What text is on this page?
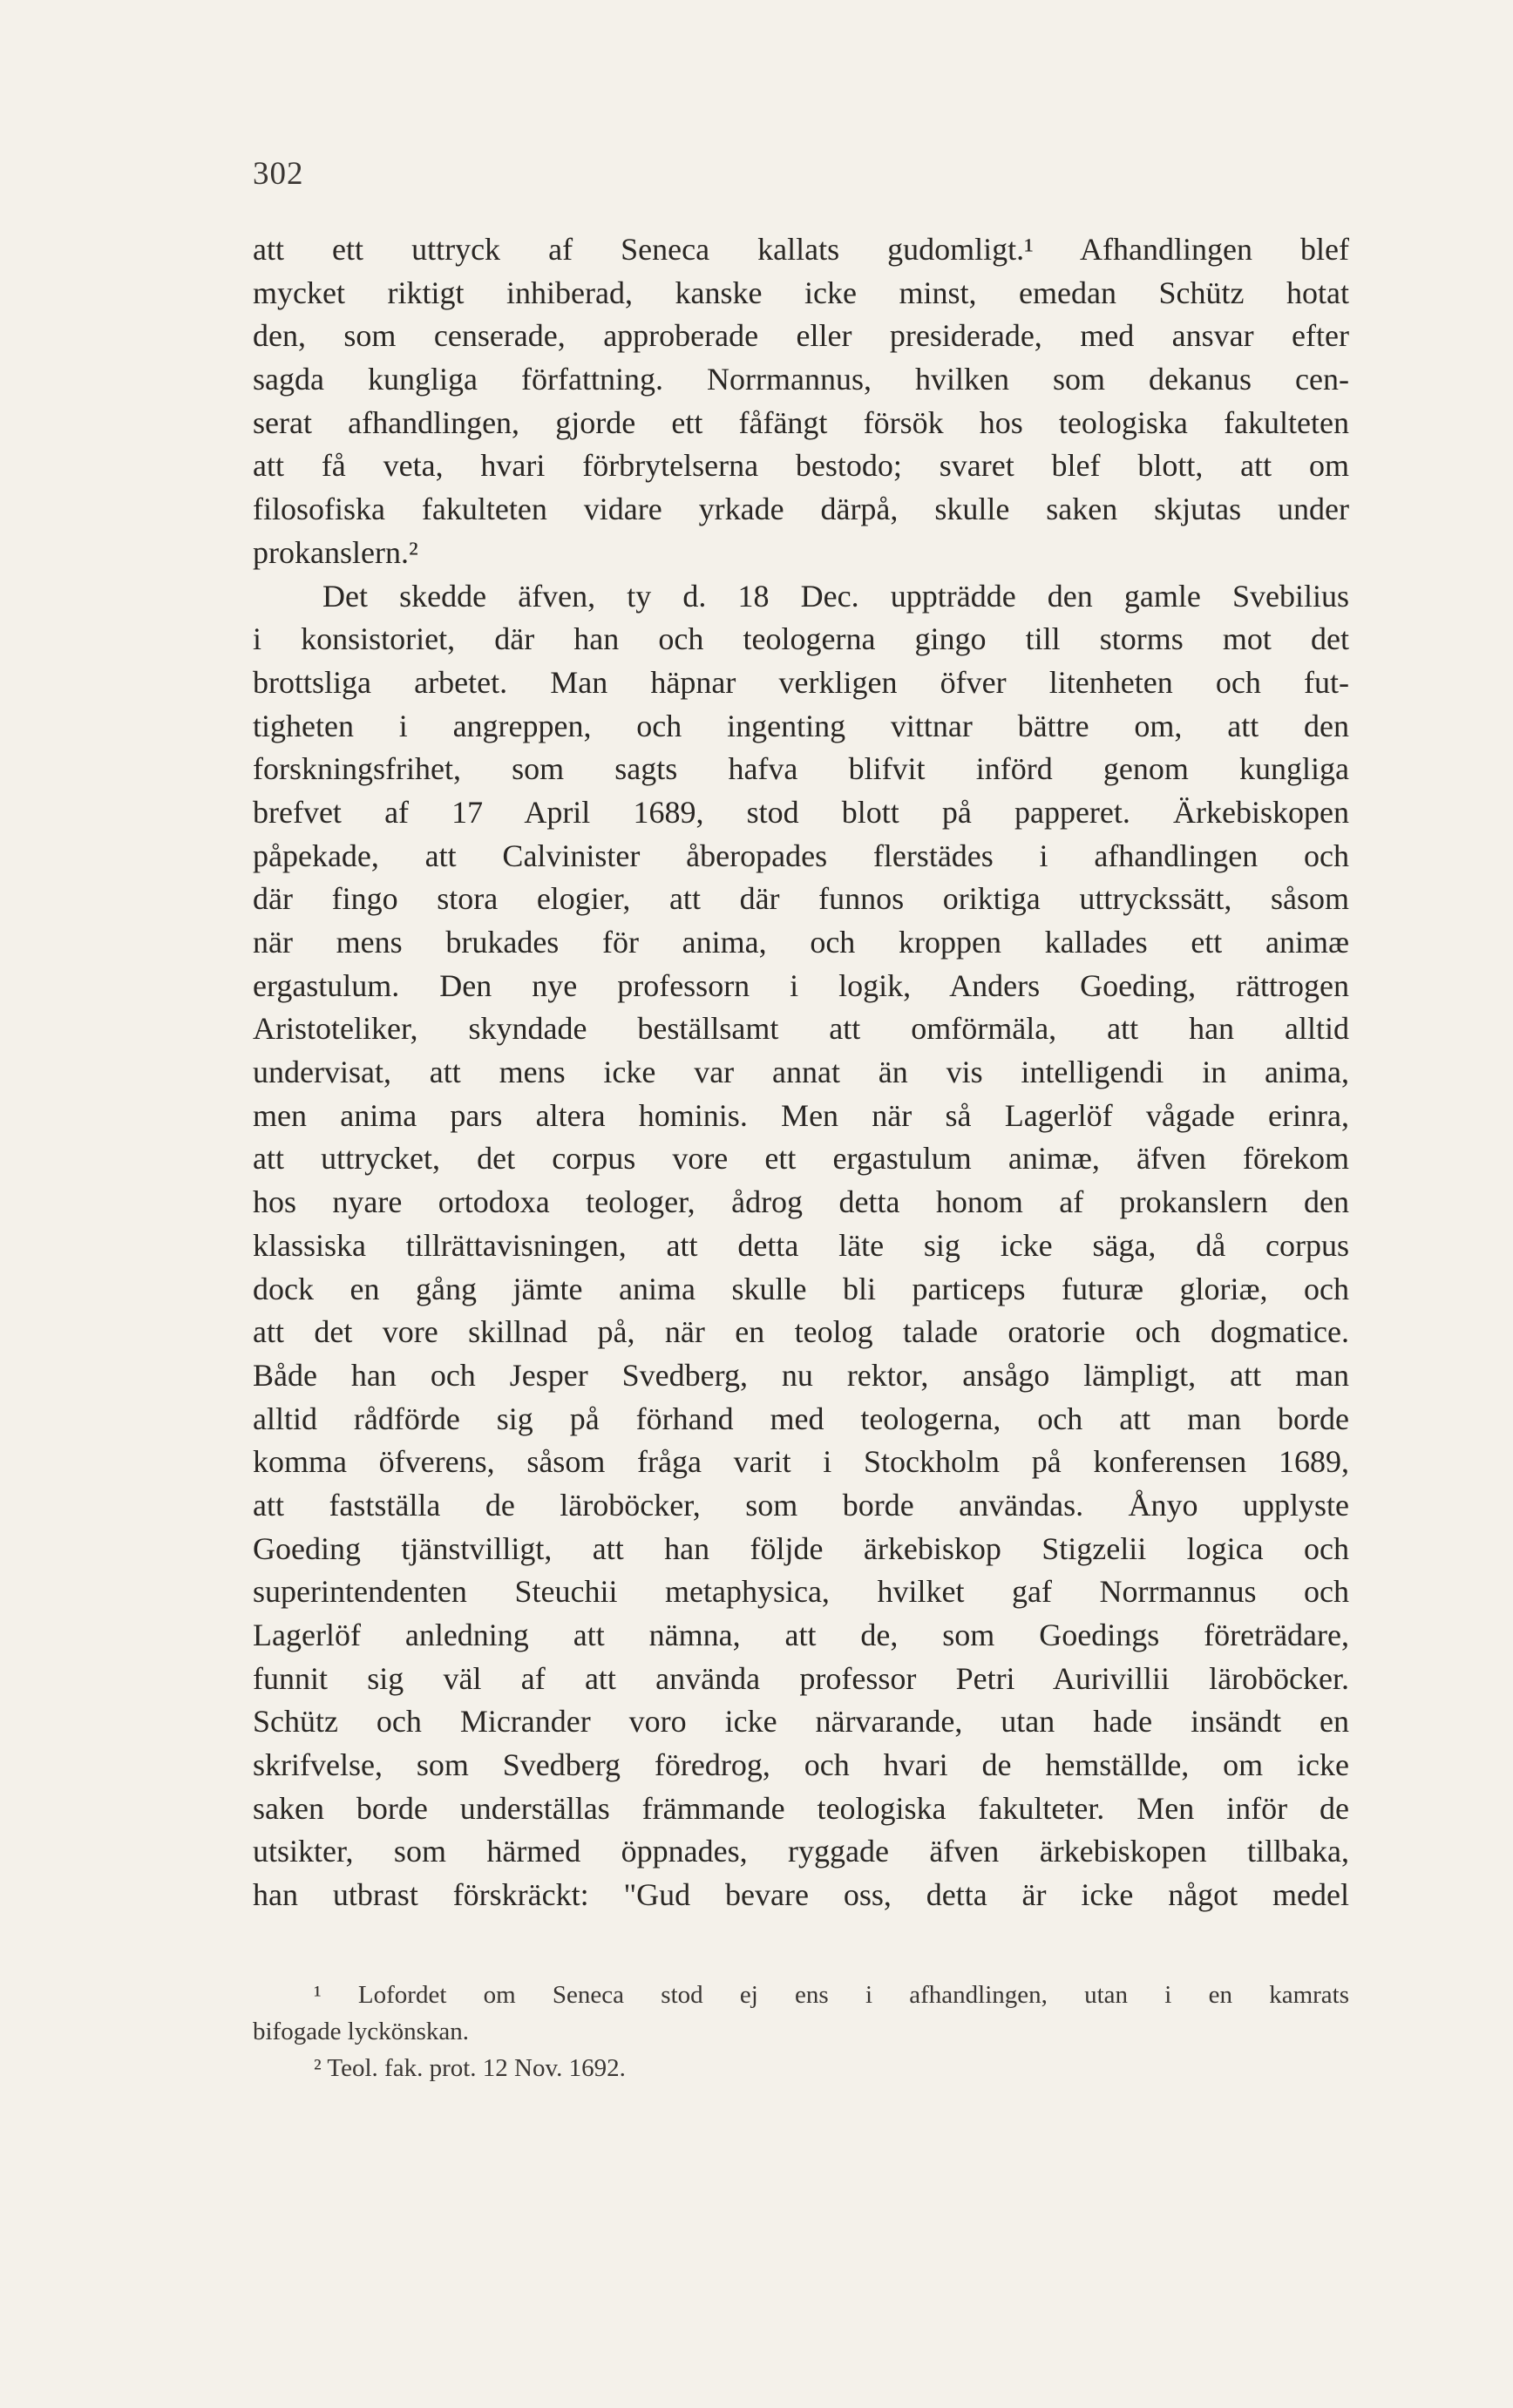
302
att ett uttryck af Seneca kallats gudomligt.¹ Afhandlingen blef
mycket riktigt inhiberad, kanske icke minst, emedan Schütz hotat
den, som censerade, approberade eller presiderade, med ansvar efter
sagda kungliga författning. Norrmannus, hvilken som dekanus cen-
serat afhandlingen, gjorde ett fåfängt försök hos teologiska fakulteten
att få veta, hvari förbrytelserna bestodo; svaret blef blott, att om
filosofiska fakulteten vidare yrkade därpå, skulle saken skjutas under
prokanslern.²
Det skedde äfven, ty d. 18 Dec. uppträdde den gamle Svebilius
i konsistoriet, där han och teologerna gingo till storms mot det
brottsliga arbetet. Man häpnar verkligen öfver litenheten och fut-
tigheten i angreppen, och ingenting vittnar bättre om, att den
forskningsfrihet, som sagts hafva blifvit införd genom kungliga
brefvet af 17 April 1689, stod blott på papperet. Ärkebiskopen
påpekade, att Calvinister åberopades flerstädes i afhandlingen och
där fingo stora elogier, att där funnos oriktiga uttryckssätt, såsom
när mens brukades för anima, och kroppen kallades ett animæ
ergastulum. Den nye professorn i logik, Anders Goeding, rättrogen
Aristoteliker, skyndade beställsamt att omförmäla, att han alltid
undervisat, att mens icke var annat än vis intelligendi in anima,
men anima pars altera hominis. Men när så Lagerlöf vågade erinra,
att uttrycket, det corpus vore ett ergastulum animæ, äfven förekom
hos nyare ortodoxa teologer, ådrog detta honom af prokanslern den
klassiska tillrättavisningen, att detta läte sig icke säga, då corpus
dock en gång jämte anima skulle bli particeps futuræ gloriæ, och
att det vore skillnad på, när en teolog talade oratorie och dogmatice.
Både han och Jesper Svedberg, nu rektor, ansågo lämpligt, att man
alltid rådförde sig på förhand med teologerna, och att man borde
komma öfverens, såsom fråga varit i Stockholm på konferensen 1689,
att fastställa de läroböcker, som borde användas. Ånyo upplyste
Goeding tjänstvilligt, att han följde ärkebiskop Stigzelii logica och
superintendenten Steuchii metaphysica, hvilket gaf Norrmannus och
Lagerlöf anledning att nämna, att de, som Goedings företrädare,
funnit sig väl af att använda professor Petri Aurivillii läroböcker.
Schütz och Micrander voro icke närvarande, utan hade insändt en
skrifvelse, som Svedberg föredrog, och hvari de hemställde, om icke
saken borde underställas främmande teologiska fakulteter. Men inför de
utsikter, som härmed öppnades, ryggade äfven ärkebiskopen tillbaka,
han utbrast förskräckt: "Gud bevare oss, detta är icke något medel
¹ Lofordet om Seneca stod ej ens i afhandlingen, utan i en kamrats
bifogade lyckönskan.
² Teol. fak. prot. 12 Nov. 1692.
